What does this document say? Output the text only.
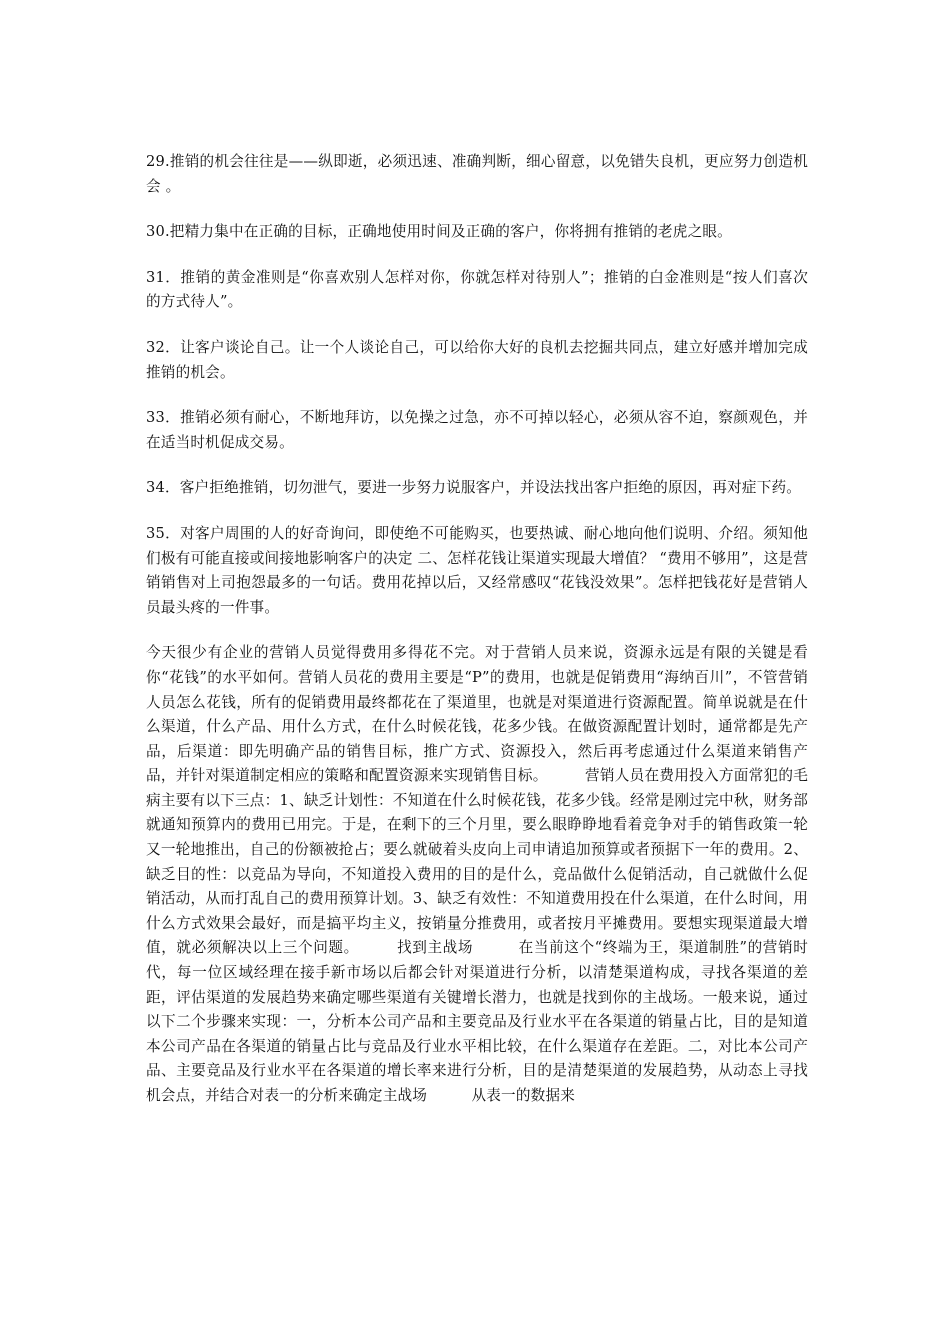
29.推销的机会往往是——纵即逝，必须迅速、准确判断，细心留意，以免错失良机，更应努力创造机 会 。

30.把精力集中在正确的目标，正确地使用时间及正确的客户，你将拥有推销的老虎之眼。

31．推销的黄金准则是“你喜欢别人怎样对你，你就怎样对待别人”；推销的白金准则是“按人们喜次的方式待人”。

32．让客户谈论自己。让一个人谈论自己，可以给你大好的良机去挖掘共同点，建立好感并增加完成推销的机会。

33．推销必须有耐心，不断地拜访，以免操之过急，亦不可掉以轻心，必须从容不迫，察颜观色，并在适当时机促成交易。

34．客户拒绝推销，切勿泄气，要进一步努力说服客户，并设法找出客户拒绝的原因，再对症下药。

35．对客户周围的人的好奇询问，即使绝不可能购买，也要热诚、耐心地向他们说明、介绍。须知他们极有可能直接或间接地影响客户的决定 二、怎样花钱让渠道实现最大增值？ “费用不够用”，这是营销销售对上司抱怨最多的一句话。费用花掉以后，又经常感叹“花钱没效果”。怎样把钱花好是营销人员最头疼的一件事。

今天很少有企业的营销人员觉得费用多得花不完。对于营销人员来说，资源永远是有限的关键是看你“花钱”的水平如何。营销人员花的费用主要是“P”的费用，也就是促销费用“海纳百川”，不管营销人员怎么花钱，所有的促销费用最终都花在了渠道里，也就是对渠道进行资源配置。简单说就是在什么渠道，什么产品、用什么方式，在什么时候花钱，花多少钱。在做资源配置计划时，通常都是先产品，后渠道：即先明确产品的销售目标，推广方式、资源投入，然后再考虑通过什么渠道来销售产品，并针对渠道制定相应的策略和配置资源来实现销售目标。　　　营销人员在费用投入方面常犯的毛病主要有以下三点：1、缺乏计划性：不知道在什么时候花钱，花多少钱。经常是刚过完中秋，财务部就通知预算内的费用已用完。于是，在剩下的三个月里，要么眼睁睁地看着竞争对手的销售政策一轮又一轮地推出，自己的份额被抢占；要么就破着头皮向上司申请追加预算或者预据下一年的费用。2、缺乏目的性：以竞品为导向，不知道投入费用的目的是什么，竞品做什么促销活动，自己就做什么促销活动，从而打乱自己的费用预算计划。3、缺乏有效性：不知道费用投在什么渠道，在什么时间，用什么方式效果会最好，而是搞平均主义，按销量分推费用，或者按月平摊费用。要想实现渠道最大增值，就必须解决以上三个问题。　　　找到主战场　　　在当前这个“终端为王，渠道制胜”的营销时代，每一位区域经理在接手新市场以后都会针对渠道进行分析，以清楚渠道构成，寻找各渠道的差距，评估渠道的发展趋势来确定哪些渠道有关键增长潜力，也就是找到你的主战场。一般来说，通过以下二个步骤来实现：一，分析本公司产品和主要竞品及行业水平在各渠道的销量占比，目的是知道本公司产品在各渠道的销量占比与竞品及行业水平相比较，在什么渠道存在差距。二，对比本公司产品、主要竞品及行业水平在各渠道的增长率来进行分析，目的是清楚渠道的发展趋势，从动态上寻找机会点，并结合对表一的分析来确定主战场　　　从表一的数据来
